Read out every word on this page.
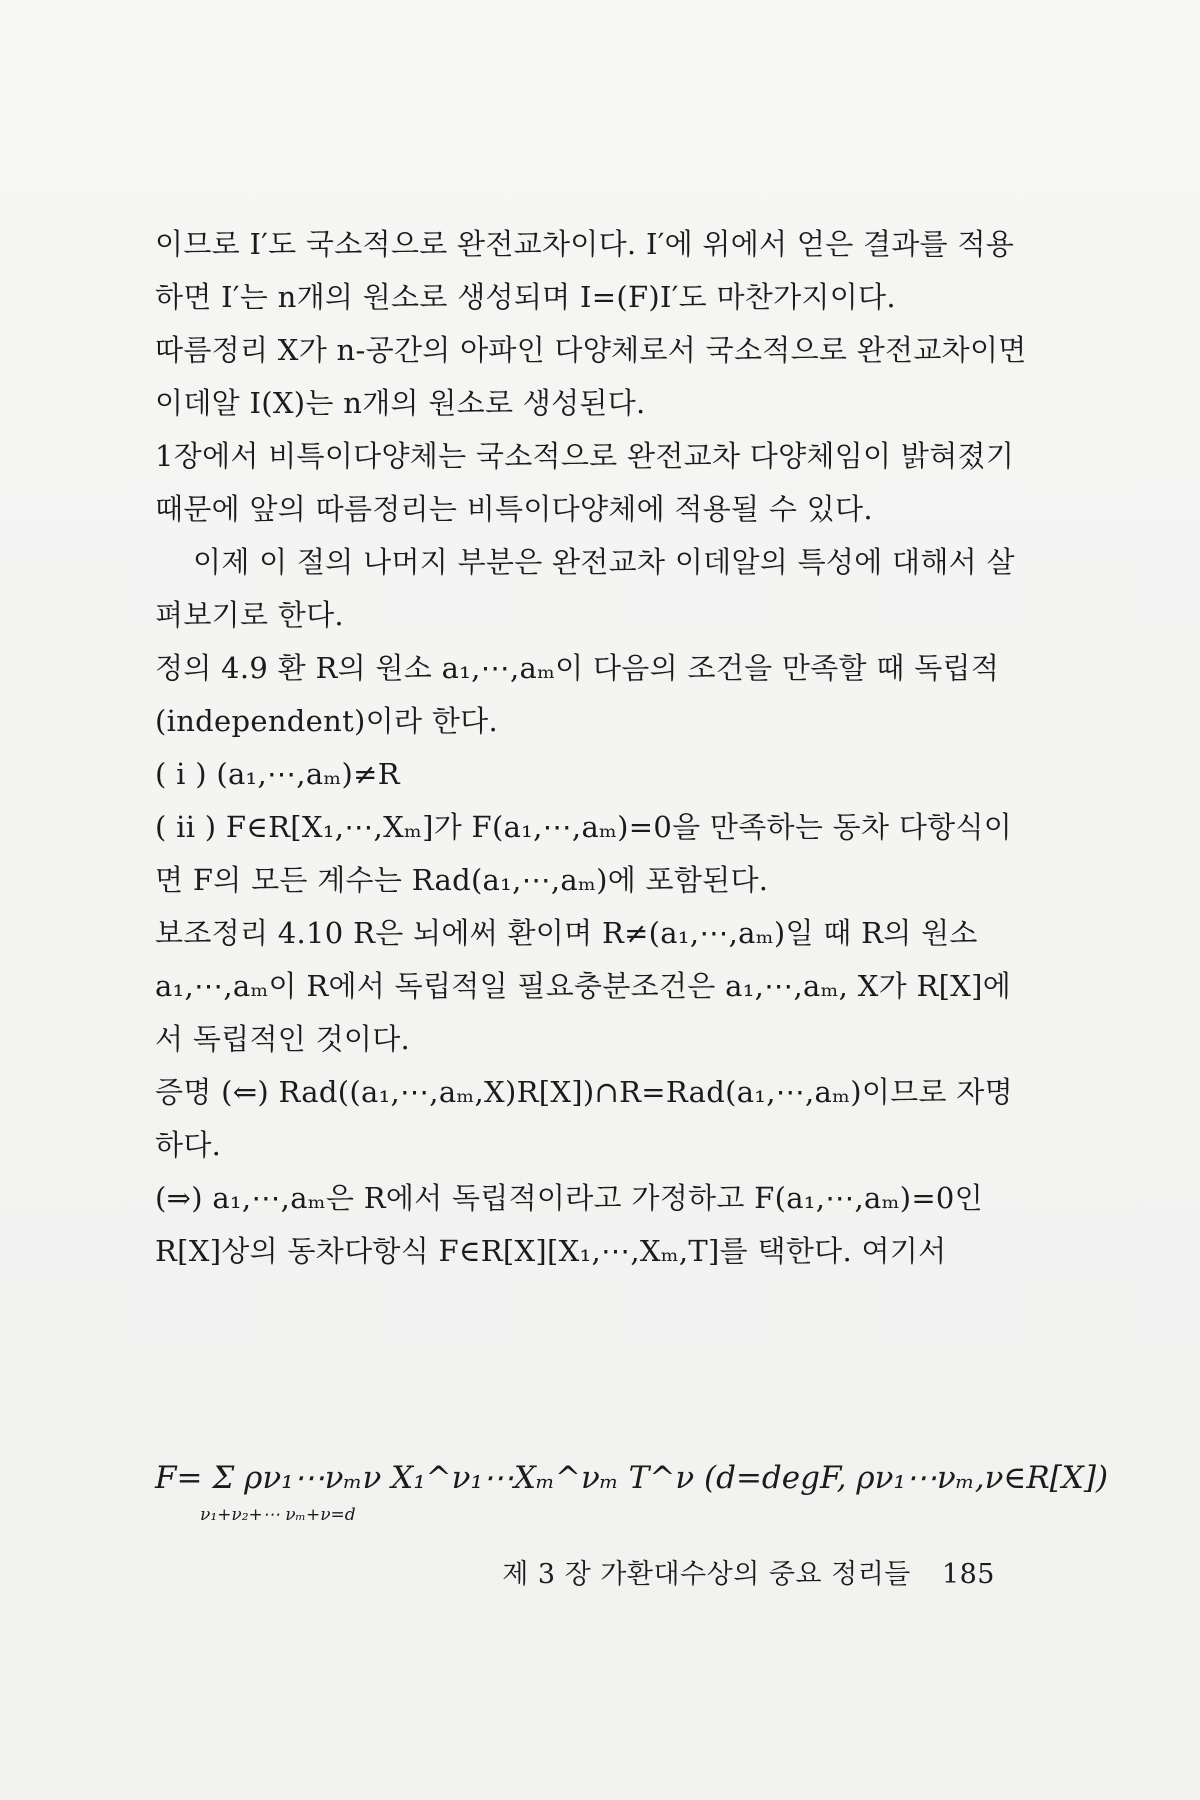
이므로 I′도 국소적으로 완전교차이다. I′에 위에서 얻은 결과를 적용하면 I′는 n개의 원소로 생성되며 I=(F)I′도 마찬가지이다.

따름정리 X가 n-공간의 아파인 다양체로서 국소적으로 완전교차이면 이데알 I(X)는 n개의 원소로 생성된다.

1장에서 비특이다양체는 국소적으로 완전교차 다양체임이 밝혀졌기 때문에 앞의 따름정리는 비특이다양체에 적용될 수 있다.

이제 이 절의 나머지 부분은 완전교차 이데알의 특성에 대해서 살펴보기로 한다.

정의 4.9 환 R의 원소 a₁,⋯,aₘ이 다음의 조건을 만족할 때 독립적 (independent)이라 한다.

( i ) (a₁,⋯,aₘ)≠R

( ii ) F∈R[X₁,⋯,Xₘ]가 F(a₁,⋯,aₘ)=0을 만족하는 동차 다항식이면 F의 모든 계수는 Rad(a₁,⋯,aₘ)에 포함된다.

보조정리 4.10 R은 뇌에써 환이며 R≠(a₁,⋯,aₘ)일 때 R의 원소 a₁,⋯,aₘ이 R에서 독립적일 필요충분조건은 a₁,⋯,aₘ, X가 R[X]에서 독립적인 것이다.

증명 (⇐) Rad((a₁,⋯,aₘ,X)R[X])∩R=Rad(a₁,⋯,aₘ)이므로 자명하다.

(⇒) a₁,⋯,aₘ은 R에서 독립적이라고 가정하고 F(a₁,⋯,aₘ)=0인 R[X]상의 동차다항식 F∈R[X][X₁,⋯,Xₘ,T]를 택한다. 여기서

F= Σ ρν₁⋯νₘν X₁^ν₁⋯Xₘ^νₘ T^ν (d=degF, ρν₁⋯νₘ,ν∈R[X])
ν₁+ν₂+⋯ νₘ+ν=d
제 3 장 가환대수상의 중요 정리들 185
